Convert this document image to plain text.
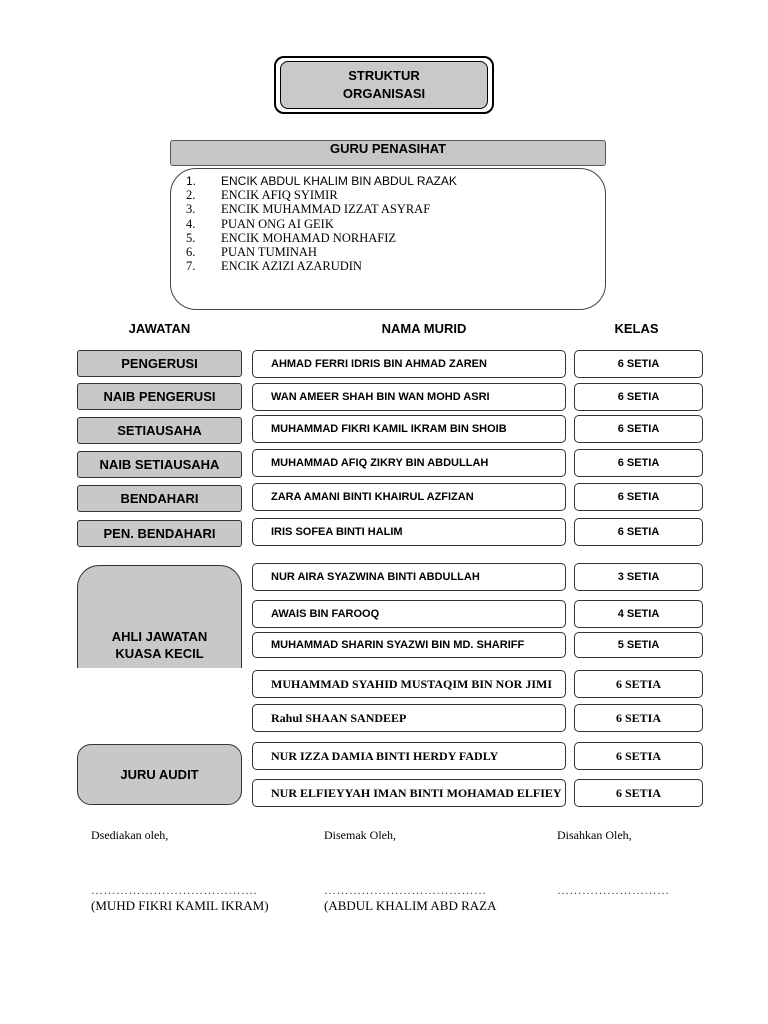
STRUKTUR
ORGANISASI
GURU PENASIHAT
1.	ENCIK ABDUL KHALIM BIN ABDUL RAZAK
2.	ENCIK AFIQ SYIMIR
3.	ENCIK MUHAMMAD IZZAT ASYRAF
4.	PUAN ONG AI GEIK
5.	ENCIK MOHAMAD NORHAFIZ
6.	PUAN TUMINAH
7.	ENCIK AZIZI AZARUDIN
JAWATAN	NAMA MURID	KELAS
PENGERUSI	AHMAD FERRI IDRIS BIN AHMAD ZAREN	6 SETIA
NAIB PENGERUSI	WAN AMEER SHAH BIN WAN MOHD ASRI	6 SETIA
SETIAUSAHA	MUHAMMAD FIKRI KAMIL IKRAM BIN SHOIB	6 SETIA
NAIB SETIAUSAHA	MUHAMMAD AFIQ ZIKRY BIN ABDULLAH	6 SETIA
BENDAHARI	ZARA AMANI BINTI KHAIRUL AZFIZAN	6 SETIA
PEN. BENDAHARI	IRIS SOFEA BINTI HALIM	6 SETIA
AHLI JAWATAN
KUASA KECIL
NUR AIRA SYAZWINA BINTI ABDULLAH	3 SETIA
AWAIS BIN FAROOQ	4 SETIA
MUHAMMAD SHARIN SYAZWI BIN MD. SHARIFF	5 SETIA
MUHAMMAD SYAHID MUSTAQIM BIN NOR JIMI	6 SETIA
Rahul SHAAN SANDEEP	6 SETIA
JURU AUDIT
NUR IZZA DAMIA BINTI HERDY FADLY	6 SETIA
NUR ELFIEYYAH IMAN BINTI MOHAMAD ELFIEY	6 SETIA
Dsediakan oleh,	Disemak Oleh,	Disahkan Oleh,
………………………………….	…………………………………	………………………
(MUHD FIKRI KAMIL IKRAM)	(ABDUL KHALIM ABD RAZA
